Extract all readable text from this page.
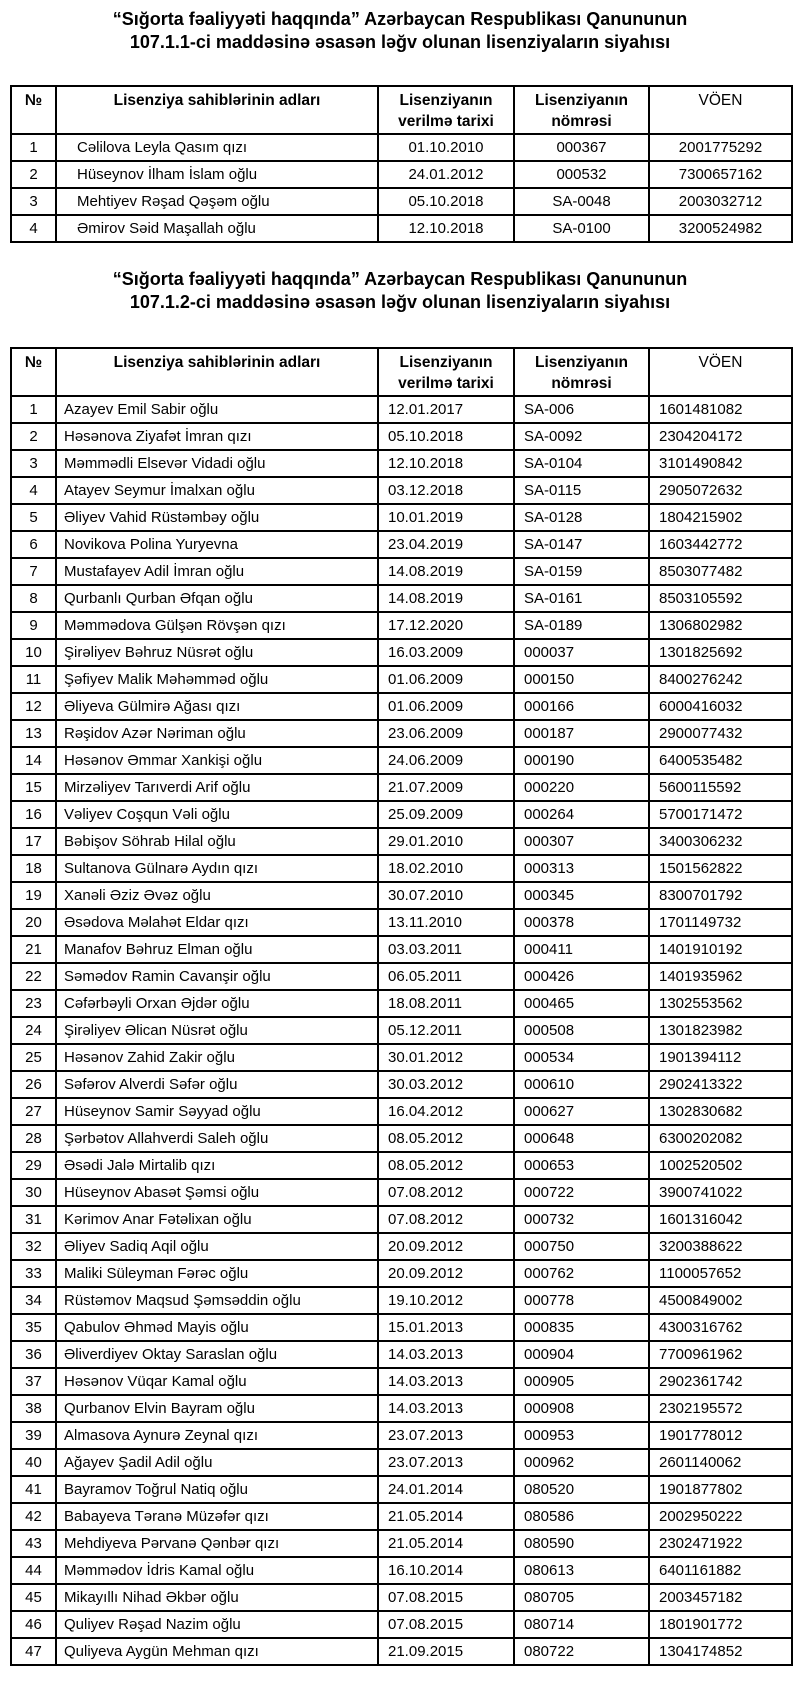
“Sığorta fəaliyyəti haqqında” Azərbaycan Respublikası Qanununun
107.1.1-ci maddəsinə əsasən ləğv olunan lisenziyaların siyahısı
№	Lisenziya sahiblərinin adları	Lisenziyanın verilmə tarixi	Lisenziyanın nömrəsi	VÖEN
1	Cəlilova Leyla Qasım qızı	01.10.2010	000367	2001775292
2	Hüseynov İlham İslam oğlu	24.01.2012	000532	7300657162
3	Mehtiyev Rəşad Qəşəm oğlu	05.10.2018	SA-0048	2003032712
4	Əmirov Səid Maşallah oğlu	12.10.2018	SA-0100	3200524982
“Sığorta fəaliyyəti haqqında” Azərbaycan Respublikası Qanununun
107.1.2-ci maddəsinə əsasən ləğv olunan lisenziyaların siyahısı
№	Lisenziya sahiblərinin adları	Lisenziyanın verilmə tarixi	Lisenziyanın nömrəsi	VÖEN
1	Azayev Emil Sabir oğlu	12.01.2017	SA-006	1601481082
2	Həsənova Ziyafət İmran qızı	05.10.2018	SA-0092	2304204172
3	Məmmədli Elsevər Vidadi oğlu	12.10.2018	SA-0104	3101490842
4	Atayev Seymur İmalxan oğlu	03.12.2018	SA-0115	2905072632
5	Əliyev Vahid Rüstəmbəy oğlu	10.01.2019	SA-0128	1804215902
6	Novikova Polina Yuryevna	23.04.2019	SA-0147	1603442772
7	Mustafayev Adil İmran oğlu	14.08.2019	SA-0159	8503077482
8	Qurbanlı Qurban Əfqan oğlu	14.08.2019	SA-0161	8503105592
9	Məmmədova Gülşən Rövşən qızı	17.12.2020	SA-0189	1306802982
10	Şirəliyev Bəhruz Nüsrət oğlu	16.03.2009	000037	1301825692
11	Şəfiyev Malik Məhəmməd oğlu	01.06.2009	000150	8400276242
12	Əliyeva Gülmirə Ağası qızı	01.06.2009	000166	6000416032
13	Rəşidov Azər Nəriman oğlu	23.06.2009	000187	2900077432
14	Həsənov Əmmar Xankişi oğlu	24.06.2009	000190	6400535482
15	Mirzəliyev Tarıverdi Arif oğlu	21.07.2009	000220	5600115592
16	Vəliyev Coşqun Vəli oğlu	25.09.2009	000264	5700171472
17	Bəbişov Söhrab Hilal oğlu	29.01.2010	000307	3400306232
18	Sultanova Gülnarə Aydın qızı	18.02.2010	000313	1501562822
19	Xanəli Əziz Əvəz oğlu	30.07.2010	000345	8300701792
20	Əsədova Məlahət Eldar qızı	13.11.2010	000378	1701149732
21	Manafov Bəhruz Elman oğlu	03.03.2011	000411	1401910192
22	Səmədov Ramin Cavanşir oğlu	06.05.2011	000426	1401935962
23	Cəfərbəyli Orxan Əjdər oğlu	18.08.2011	000465	1302553562
24	Şirəliyev Əlican Nüsrət oğlu	05.12.2011	000508	1301823982
25	Həsənov Zahid Zakir oğlu	30.01.2012	000534	1901394112
26	Səfərov Alverdi Səfər oğlu	30.03.2012	000610	2902413322
27	Hüseynov Samir Səyyad oğlu	16.04.2012	000627	1302830682
28	Şərbətov Allahverdi Saleh oğlu	08.05.2012	000648	6300202082
29	Əsədi Jalə Mirtalib qızı	08.05.2012	000653	1002520502
30	Hüseynov Abasət Şəmsi oğlu	07.08.2012	000722	3900741022
31	Kərimov Anar Fətəlixan oğlu	07.08.2012	000732	1601316042
32	Əliyev Sadiq Aqil oğlu	20.09.2012	000750	3200388622
33	Maliki Süleyman Fərəc oğlu	20.09.2012	000762	1100057652
34	Rüstəmov Maqsud Şəmsəddin oğlu	19.10.2012	000778	4500849002
35	Qabulov Əhməd Mayis oğlu	15.01.2013	000835	4300316762
36	Əliverdiyev Oktay Saraslan oğlu	14.03.2013	000904	7700961962
37	Həsənov Vüqar Kamal oğlu	14.03.2013	000905	2902361742
38	Qurbanov Elvin Bayram oğlu	14.03.2013	000908	2302195572
39	Almasova Aynurə Zeynal qızı	23.07.2013	000953	1901778012
40	Ağayev Şadil Adil oğlu	23.07.2013	000962	2601140062
41	Bayramov Toğrul Natiq oğlu	24.01.2014	080520	1901877802
42	Babayeva Təranə Müzəfər qızı	21.05.2014	080586	2002950222
43	Mehdiyeva Pərvanə Qənbər qızı	21.05.2014	080590	2302471922
44	Məmmədov İdris Kamal oğlu	16.10.2014	080613	6401161882
45	Mikayıllı Nihad Əkbər oğlu	07.08.2015	080705	2003457182
46	Quliyev Rəşad Nazim oğlu	07.08.2015	080714	1801901772
47	Quliyeva Aygün Mehman qızı	21.09.2015	080722	1304174852
